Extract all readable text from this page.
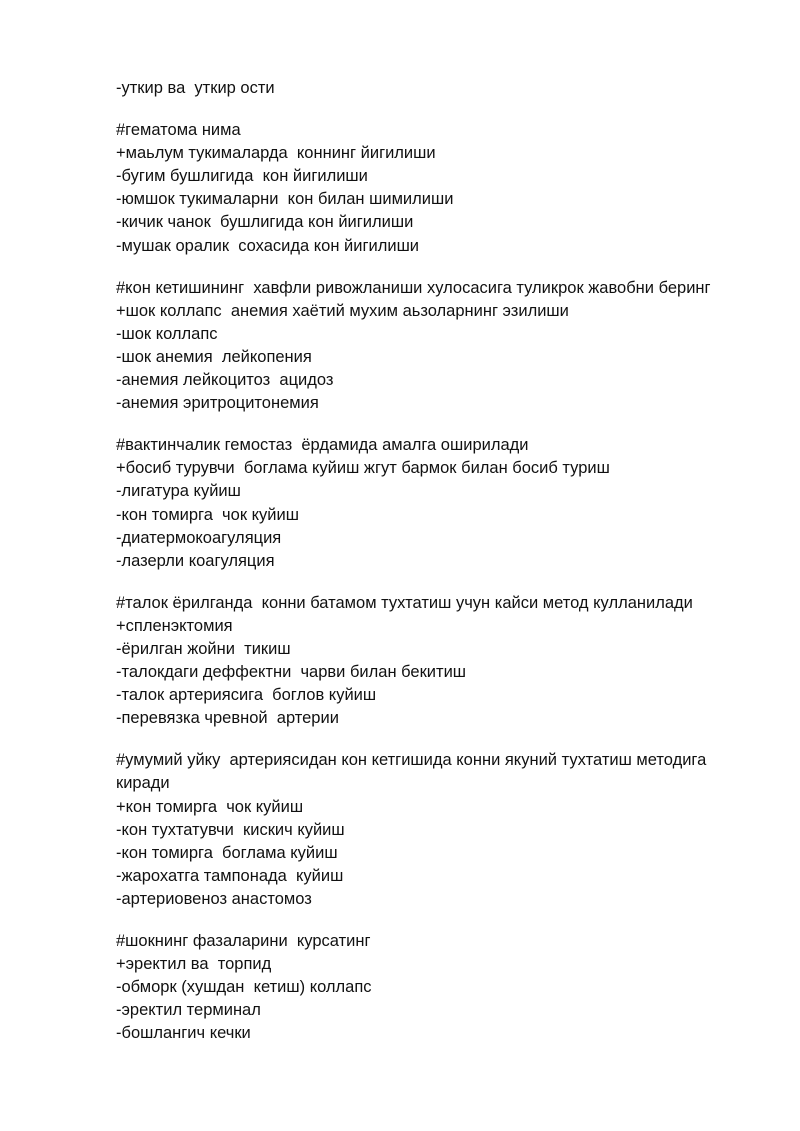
-уткир ва  уткир ости

#гематома нима

+маьлум тукималарда  коннинг йигилиши

-бугим бушлигида  кон йигилиши

-юмшок тукималарни  кон билан шимилиши

-кичик чанок  бушлигида кон йигилиши

-мушак оралик  сохасида кон йигилиши

#кон кетишининг  хавфли ривожланиши хулосасига туликрок жавобни беринг

+шок коллапс  анемия хаётий мухим аьзоларнинг эзилиши

-шок коллапс

-шок анемия  лейкопения

-анемия лейкоцитоз  ацидоз

-анемия эритроцитонемия

#вактинчалик гемостаз  ёрдамида амалга оширилади

+босиб турувчи  боглама куйиш жгут бармок билан босиб туриш

-лигатура куйиш

-кон томирга  чок куйиш

-диатермокоагуляция

-лазерли коагуляция

#талок ёрилганда  конни батамом тухтатиш учун кайси метод кулланилади

+спленэктомия

-ёрилган жойни  тикиш

-талокдаги деффектни  чарви билан бекитиш

-талок артериясига  боглов куйиш

-перевязка чревной  артерии

#умумий уйку  артериясидан кон кетгишида конни якуний тухтатиш методига киради

+кон томирга  чок куйиш

-кон тухтатувчи  кискич куйиш

-кон томирга  боглама куйиш

-жарохатга тампонада  куйиш

-артериовеноз анастомоз

#шокнинг фазаларини  курсатинг

+эректил ва  торпид

-обморк (хушдан  кетиш) коллапс

-эректил терминал

-бошлангич кечки
